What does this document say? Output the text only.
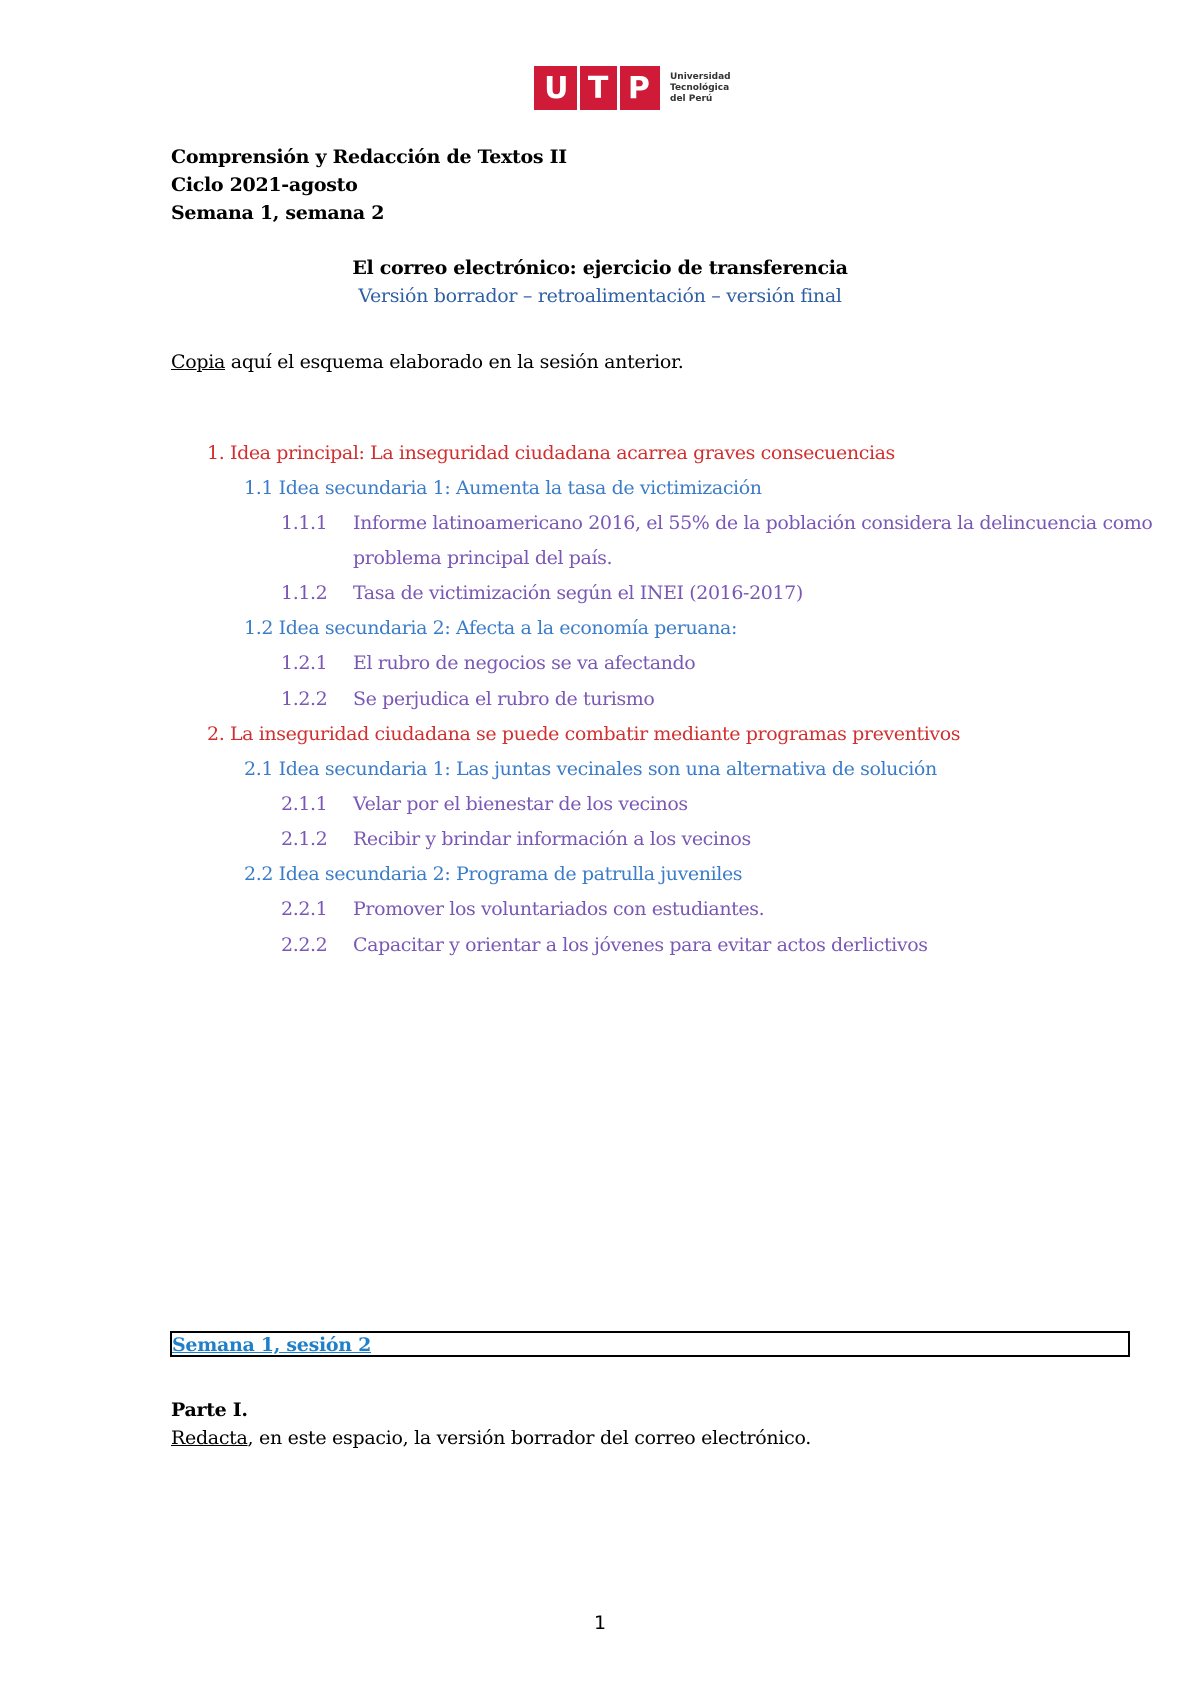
U T P Universidad
Tecnológica
del Perú
Comprensión y Redacción de Textos II
Ciclo 2021-agosto
Semana 1, semana 2
El correo electrónico: ejercicio de transferencia
Versión borrador – retroalimentación – versión final
Copia aquí el esquema elaborado en la sesión anterior.
1. Idea principal: La inseguridad ciudadana acarrea graves consecuencias
1.1 Idea secundaria 1: Aumenta la tasa de victimización
1.1.1 Informe latinoamericano 2016, el 55% de la población considera la delincuencia como
problema principal del país.
1.1.2 Tasa de victimización según el INEI (2016-2017)
1.2 Idea secundaria 2: Afecta a la economía peruana:
1.2.1 El rubro de negocios se va afectando
1.2.2 Se perjudica el rubro de turismo
2. La inseguridad ciudadana se puede combatir mediante programas preventivos
2.1 Idea secundaria 1: Las juntas vecinales son una alternativa de solución
2.1.1 Velar por el bienestar de los vecinos
2.1.2 Recibir y brindar información a los vecinos
2.2 Idea secundaria 2: Programa de patrulla juveniles
2.2.1 Promover los voluntariados con estudiantes.
2.2.2 Capacitar y orientar a los jóvenes para evitar actos derlictivos
Semana 1, sesión 2
Parte I.
Redacta, en este espacio, la versión borrador del correo electrónico.
1
